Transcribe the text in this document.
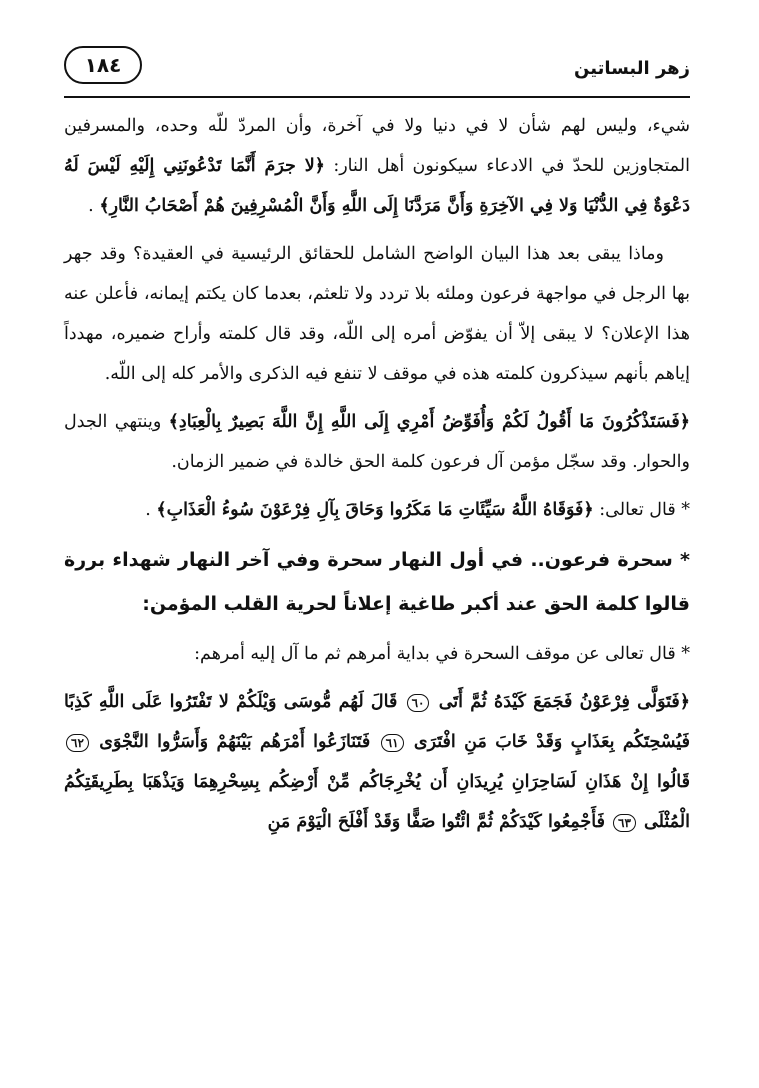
زهر البساتين
١٨٤

شيء، وليس لهم شأن لا في دنيا ولا في آخرة، وأن المردّ للّه وحده، والمسرفين المتجاوزين للحدّ في الادعاء سيكونون أهل النار: ﴿لا جرَمَ أَنَّمَا تَدْعُونَنِي إِلَيْهِ لَيْسَ لَهُ دَعْوَةٌ فِي الدُّنْيَا وَلا فِي الآخِرَةِ وَأَنَّ مَرَدَّنَا إِلَى اللَّهِ وَأَنَّ الْمُسْرِفِينَ هُمْ أَصْحَابُ النَّارِ﴾ .

وماذا يبقى بعد هذا البيان الواضح الشامل للحقائق الرئيسية في العقيدة؟ وقد جهر بها الرجل في مواجهة فرعون وملئه بلا تردد ولا تلعثم، بعدما كان يكتم إيمانه، فأعلن عنه هذا الإعلان؟ لا يبقى إلاّ أن يفوّض أمره إلى اللّه، وقد قال كلمته وأراح ضميره، مهدداً إياهم بأنهم سيذكرون كلمته هذه في موقف لا تنفع فيه الذكرى والأمر كله إلى اللّه.

﴿فَسَتَذْكُرُونَ مَا أَقُولُ لَكُمْ وَأُفَوِّضُ أَمْرِي إِلَى اللَّهِ إِنَّ اللَّهَ بَصِيرٌ بِالْعِبَادِ﴾ وينتهي الجدل والحوار. وقد سجّل مؤمن آل فرعون كلمة الحق خالدة في ضمير الزمان.

* قال تعالى: ﴿فَوَقَاهُ اللَّهُ سَيِّئَاتِ مَا مَكَرُوا وَحَاقَ بِآلِ فِرْعَوْنَ سُوءُ الْعَذَابِ﴾ .

* سحرة فرعون.. في أول النهار سحرة وفي آخر النهار شهداء بررة قالوا كلمة الحق عند أكبر طاغية إعلاناً لحرية القلب المؤمن:

* قال تعالى عن موقف السحرة في بداية أمرهم ثم ما آل إليه أمرهم:

﴿فَتَوَلَّى فِرْعَوْنُ فَجَمَعَ كَيْدَهُ ثُمَّ أَتَى ٦٠ قَالَ لَهُم مُّوسَى وَيْلَكُمْ لا تَفْتَرُوا عَلَى اللَّهِ كَذِبًا فَيُسْحِتَكُم بِعَذَابٍ وَقَدْ خَابَ مَنِ افْتَرَى ٦١ فَتَنَازَعُوا أَمْرَهُم بَيْنَهُمْ وَأَسَرُّوا النَّجْوَى ٦٢ قَالُوا إِنْ هَذَانِ لَسَاحِرَانِ يُرِيدَانِ أَن يُخْرِجَاكُم مِّنْ أَرْضِكُم بِسِحْرِهِمَا وَيَذْهَبَا بِطَرِيقَتِكُمُ الْمُثْلَى ٦٣ فَأَجْمِعُوا كَيْدَكُمْ ثُمَّ ائْتُوا صَفًّا وَقَدْ أَفْلَحَ الْيَوْمَ مَنِ
